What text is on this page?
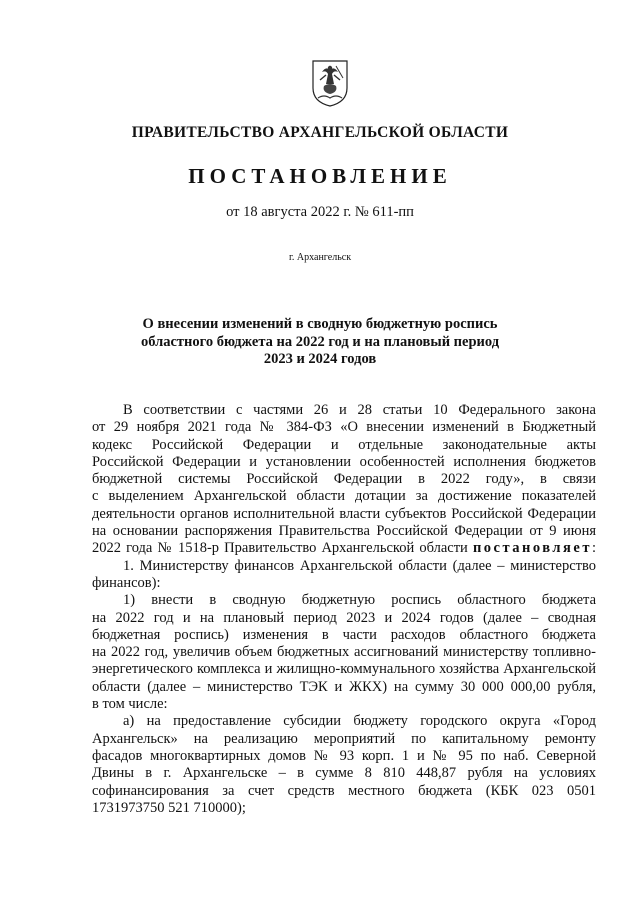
ПРАВИТЕЛЬСТВО АРХАНГЕЛЬСКОЙ ОБЛАСТИ
ПОСТАНОВЛЕНИЕ
от 18 августа 2022 г. № 611-пп
г. Архангельск
О внесении изменений в сводную бюджетную роспись
областного бюджета на 2022 год и на плановый период
2023 и 2024 годов
В соответствии с частями 26 и 28 статьи 10 Федерального закона
от 29 ноября 2021 года № 384-ФЗ «О внесении изменений в Бюджетный
кодекс Российской Федерации и отдельные законодательные акты
Российской Федерации и установлении особенностей исполнения бюджетов
бюджетной системы Российской Федерации в 2022 году», в связи
с выделением Архангельской области дотации за достижение показателей
деятельности органов исполнительной власти субъектов Российской Федерации
на основании распоряжения Правительства Российской Федерации от 9 июня
2022 года № 1518-р Правительство Архангельской области постановляет:
1. Министерству финансов Архангельской области (далее – министерство
финансов):
1) внести в сводную бюджетную роспись областного бюджета
на 2022 год и на плановый период 2023 и 2024 годов (далее – сводная
бюджетная роспись) изменения в части расходов областного бюджета
на 2022 год, увеличив объем бюджетных ассигнований министерству топливно-
энергетического комплекса и жилищно-коммунального хозяйства Архангельской
области (далее – министерство ТЭК и ЖКХ) на сумму 30 000 000,00 рубля,
в том числе:
а) на предоставление субсидии бюджету городского округа «Город
Архангельск» на реализацию мероприятий по капитальному ремонту
фасадов многоквартирных домов № 93 корп. 1 и № 95 по наб. Северной
Двины в г. Архангельске – в сумме 8 810 448,87 рубля на условиях
софинансирования за счет средств местного бюджета (КБК 023 0501
1731973750 521 710000);
